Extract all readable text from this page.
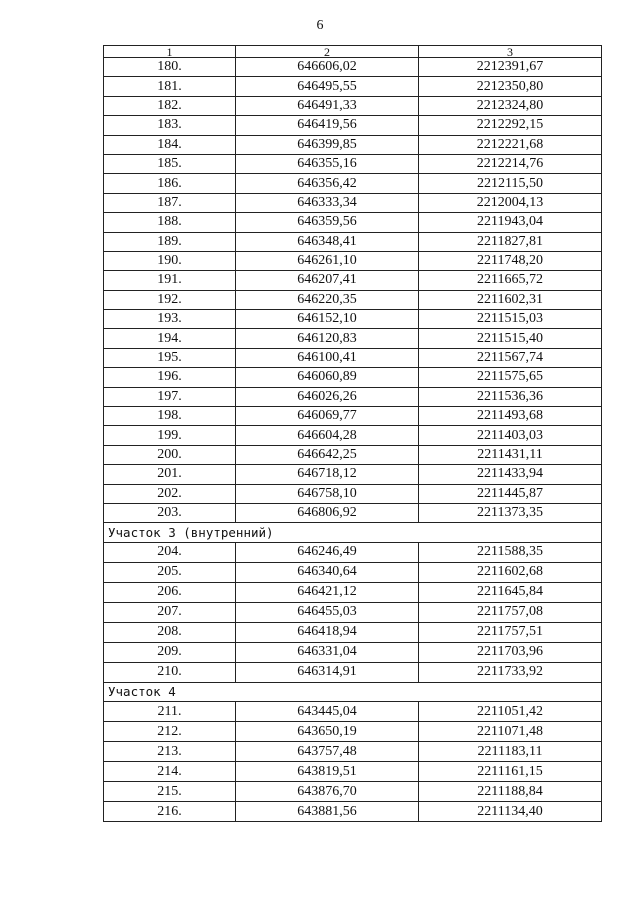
6
1	2	3
180.	646606,02	2212391,67
181.	646495,55	2212350,80
182.	646491,33	2212324,80
183.	646419,56	2212292,15
184.	646399,85	2212221,68
185.	646355,16	2212214,76
186.	646356,42	2212115,50
187.	646333,34	2212004,13
188.	646359,56	2211943,04
189.	646348,41	2211827,81
190.	646261,10	2211748,20
191.	646207,41	2211665,72
192.	646220,35	2211602,31
193.	646152,10	2211515,03
194.	646120,83	2211515,40
195.	646100,41	2211567,74
196.	646060,89	2211575,65
197.	646026,26	2211536,36
198.	646069,77	2211493,68
199.	646604,28	2211403,03
200.	646642,25	2211431,11
201.	646718,12	2211433,94
202.	646758,10	2211445,87
203.	646806,92	2211373,35
Участок 3 (внутренний)		
204.	646246,49	2211588,35
205.	646340,64	2211602,68
206.	646421,12	2211645,84
207.	646455,03	2211757,08
208.	646418,94	2211757,51
209.	646331,04	2211703,96
210.	646314,91	2211733,92
Участок 4		
211.	643445,04	2211051,42
212.	643650,19	2211071,48
213.	643757,48	2211183,11
214.	643819,51	2211161,15
215.	643876,70	2211188,84
216.	643881,56	2211134,40
